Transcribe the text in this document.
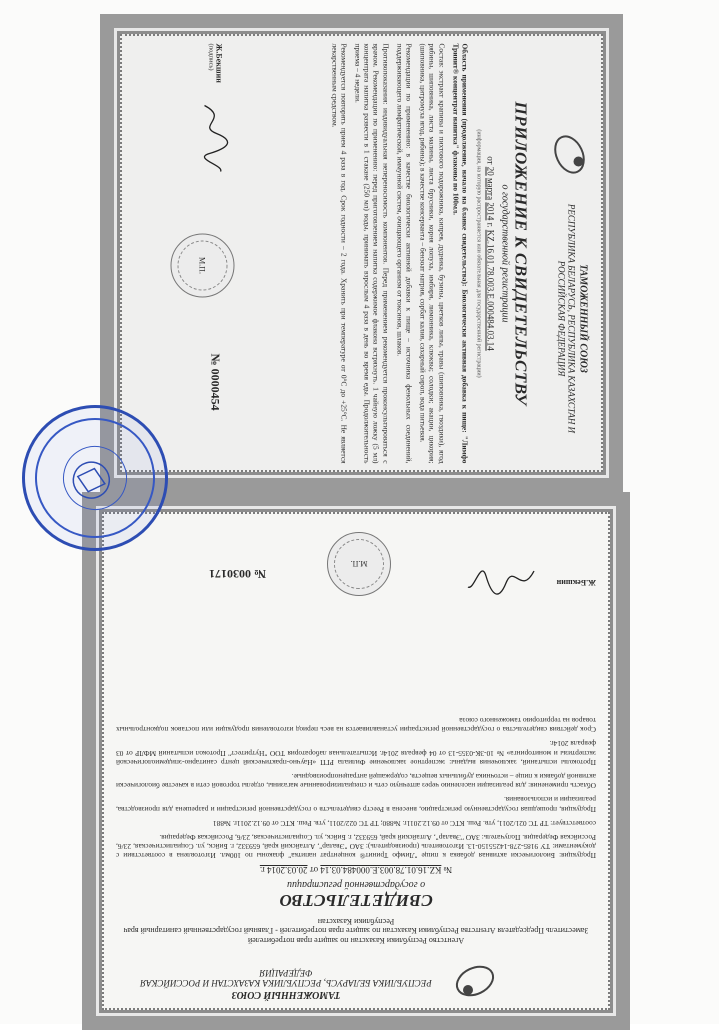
ТАМОЖЕННЫЙ СОЮЗ
РЕСПУБЛИКА БЕЛАРУСЬ, РЕСПУБЛИКА КАЗАХСТАН И РОССИЙСКАЯ ФЕДЕРАЦИЯ
ПРИЛОЖЕНИЕ К СВИДЕТЕЛЬСТВУ
о государственной регистрации
от 20 марта 2014 г. KZ.16.01.78.003.Е.000484.03.14
(информация, на которую распространяется или обязательная для государственной регистрации)
Область применения (продолжение, начало на бланке свидетельства): Биологически активная добавка к пище: "Лимфо Тринит® концентрат напитка" флаконы по 100мл.
Состав: экстракт крапивы и пихтового подорожника, кипрея, дудника, бузины, цветков липы, травы (шиповника, гвоздики), ягод рябины, шиповника, листа малины, листа брусники, корня лопуха, имбиря, лимонника, клюквы; солодки; акации, цикория; (шиповника, цитромуха ягод, рябины); в качестве консерванта – бензоат натрия, сорбат калия, сахарный сироп, вода питьевая.
Рекомендации по применению: в качестве биологически активной добавки к пище – источника фенольных соединений, поддерживающего лимфатической, иммунной систем, очищающего организм от токсинов, шлаков.
Противопоказания: индивидуальная непереносимость компонентов. Перед применением рекомендуется проконсультироваться с врачом. Рекомендации по применению: перед приготовлением напитка содержимое флакона встряхнуть. 1 чайную ложку (5 мл) концентрата напитка развести в 1 стакане (250 мл) воды, принимать взрослым 4 раза в день во время еды. Продолжительность приема – 4 недели.
Рекомендуется повторять прием 4 раза в год. Срок годности – 2 года. Хранить при температуре от 0°С до +25°С. Не является лекарственным средством.
М.П.
Ж.Бекшин
(подпись)
№ 0000454
ТАМОЖЕННЫЙ СОЮЗ
РЕСПУБЛИКА БЕЛАРУСЬ, РЕСПУБЛИКА КАЗАХСТАН И РОССИЙСКАЯ ФЕДЕРАЦИЯ
Агентство Республики Казахстан по защите прав потребителей
Заместитель Председателя Агентства Республики Казахстан по защите прав потребителей - Главный государственный санитарный врач Республики Казахстан
СВИДЕТЕЛЬСТВО
о государственной регистрации
№ KZ.16.01.78.003.Е.000484.03.14 от 20.03.2014 г.
Продукция: Биологически активная добавка к пище "Лимфо Тринит® концентрат напитка" флаконы по 100мл. Изготовлена в соответствии с документами: ТУ 9185-278-14255150-13. Изготовитель (производитель): ЗАО "Эвалар", Алтайский край, 659332, г. Бийск, ул. Социалистическая, 23/6, Российская Федерация. Получатель: ЗАО "Эвалар", Алтайский край, 659332, г. Бийск, ул. Социалистическая, 23/6, Российская Федерация.
соответствует: ТР ТС 021/2011, утв. Реш. КТС от 09.12.2011г. №880; ТР ТС 022/2011, утв. Реш. КТС от 09.12.2011г. №881
Продукция, прошедшая государственную регистрацию, внесена в Реестр свидетельств о государственной регистрации и разрешена для производства, реализации и использования.
Область применения: для реализации населению через аптечную сеть и специализированные магазины, отделы торговой сети в качестве биологически активной добавки к пище – источника дубильных веществ, содержащей антраценопроизводные.
Протоколы испытаний, заключения выданы: экспертное заключение Филиала РГП «Научно-практический центр санитарно-эпидемиологической экспертизы и мониторинга» № 10-3К-0355-13 от 04 февраля 2014г. Испытательная лаборатория ТОО "Нутритест" Протокол испытаний МФЛР от 03 февраля 2014г.
Срок действия свидетельства о государственной регистрации устанавливается на весь период изготовления продукции или поставок подконтрольных товаров на территорию таможенного союза
М.П.
Ж.Бекшин
№ 0030171
